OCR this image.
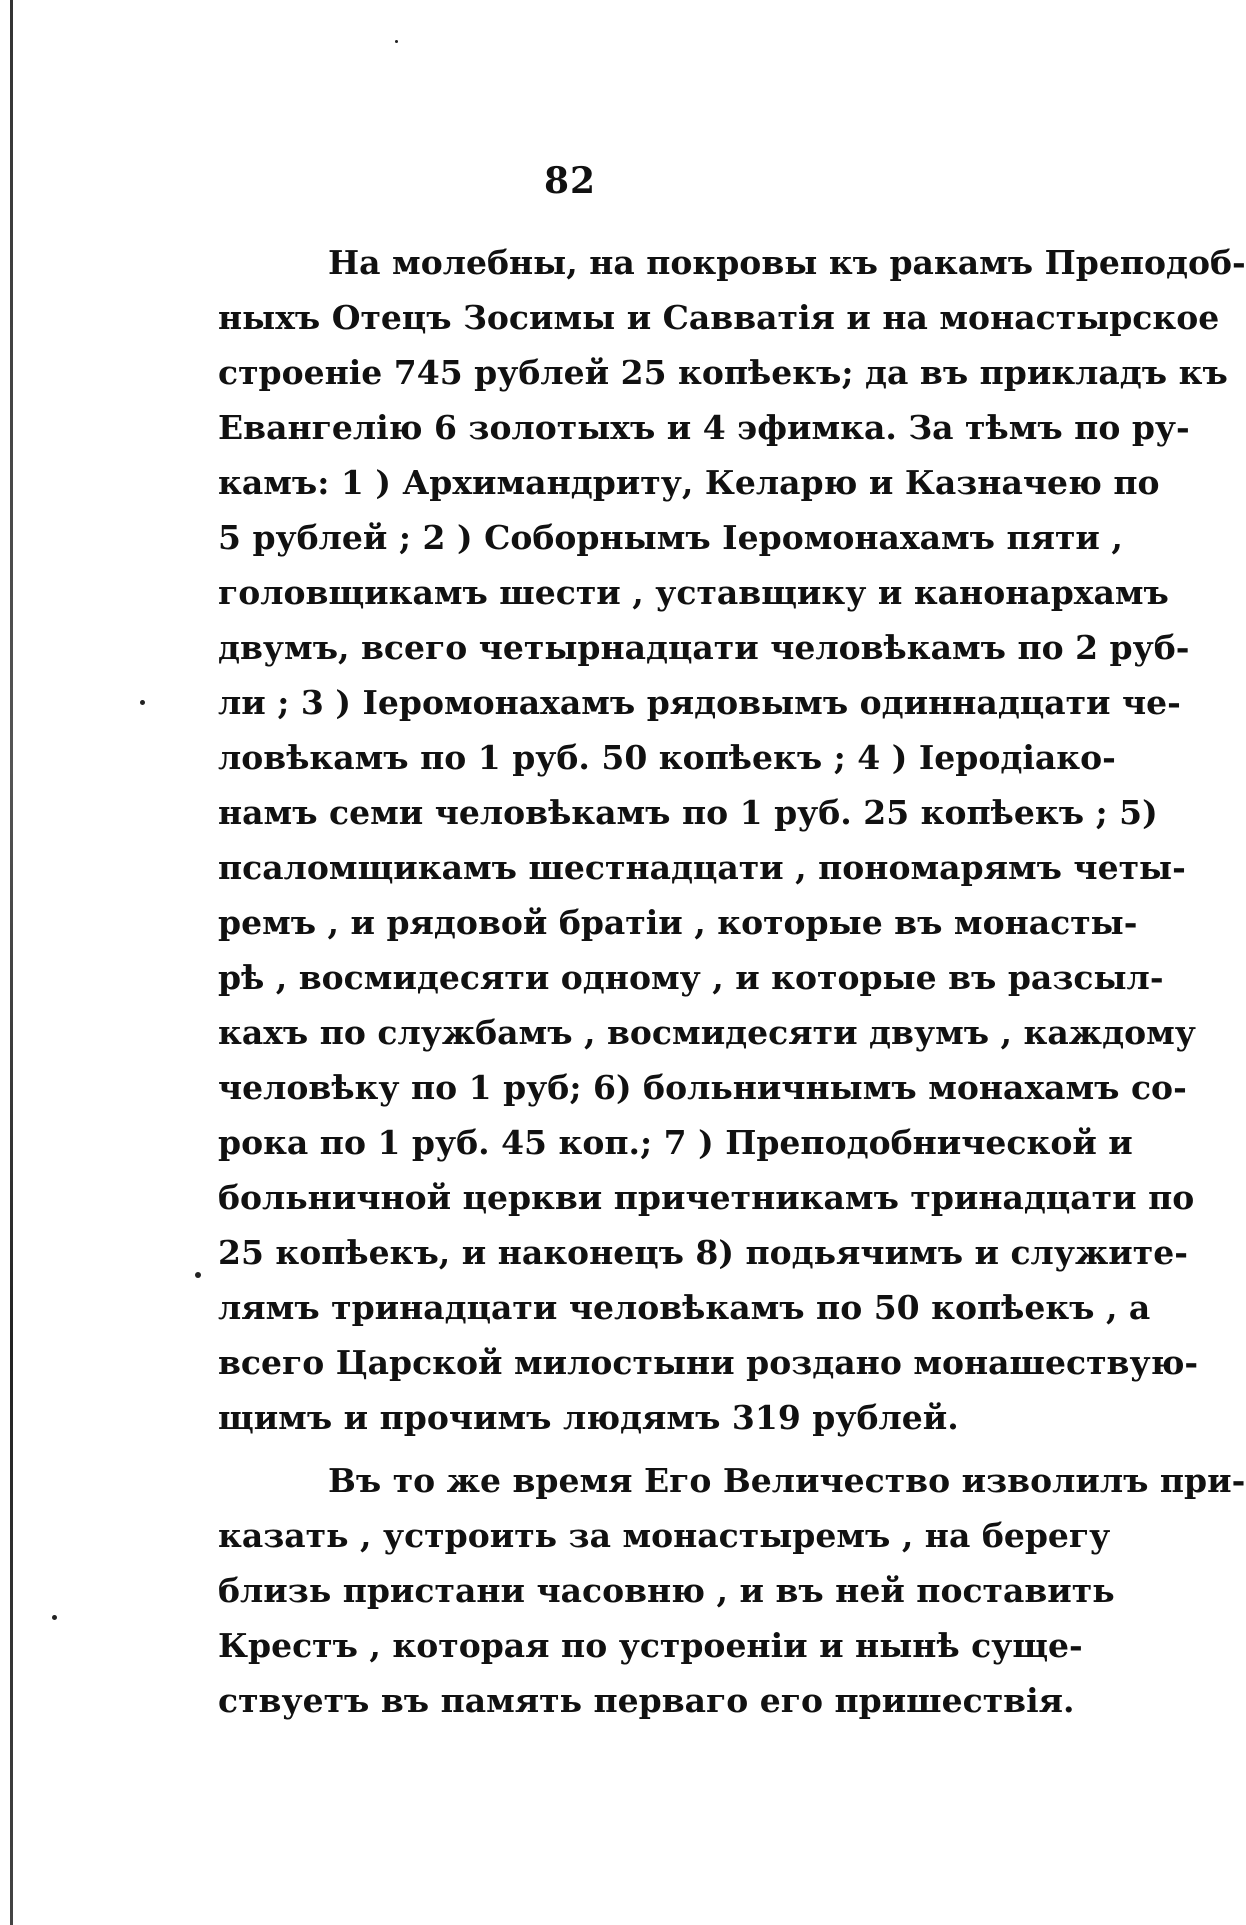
82
На молебны, на покровы къ ракамъ Преподоб-
ныхъ Отецъ Зосимы и Савватія и на монастырское
строеніе 745 рублей 25 копѣекъ; да въ прикладъ къ
Евангелію 6 золотыхъ и 4 эфимка. За тѣмъ по ру-
камъ: 1 ) Архимандриту, Келарю и Казначею по
5 рублей ; 2 ) Соборнымъ Іеромонахамъ пяти ,
головщикамъ шести , уставщику и канонархамъ
двумъ, всего четырнадцати человѣкамъ по 2 руб-
ли ; 3 ) Іеромонахамъ рядовымъ одиннадцати че-
ловѣкамъ по 1 руб. 50 копѣекъ ; 4 ) Іеродіако-
намъ семи человѣкамъ по 1 руб. 25 копѣекъ ; 5)
псаломщикамъ шестнадцати , пономарямъ четы-
ремъ , и рядовой братіи , которые въ монасты-
рѣ , восмидесяти одному , и которые въ разсыл-
кахъ по службамъ , восмидесяти двумъ , каждому
человѣку по 1 руб; 6) больничнымъ монахамъ со-
рока по 1 руб. 45 коп.; 7 ) Преподобнической и
больничной церкви причетникамъ тринадцати по
25 копѣекъ, и наконецъ 8) подьячимъ и служите-
лямъ тринадцати человѣкамъ по 50 копѣекъ , а
всего Царской милостыни роздано монашествую-
щимъ и прочимъ людямъ 319 рублей.
Въ то же время Его Величество изволилъ при-
казать , устроить за монастыремъ , на берегу
близь пристани часовню , и въ ней поставить
Крестъ , которая по устроеніи и нынѣ суще-
ствуетъ въ память перваго его пришествія.
